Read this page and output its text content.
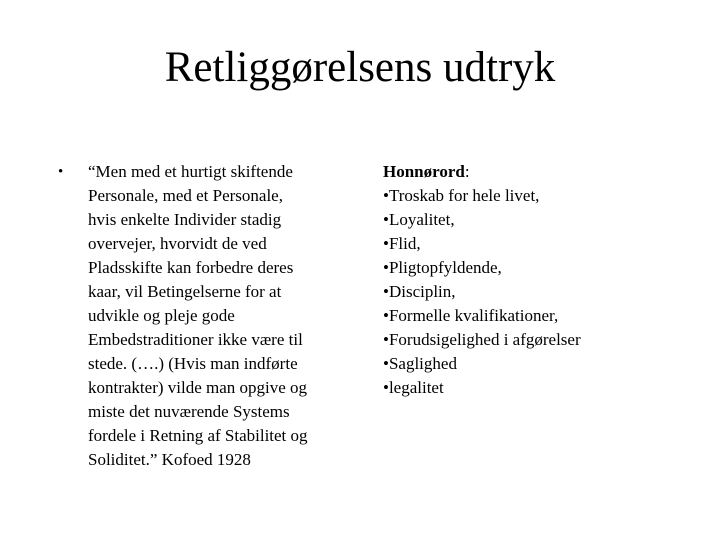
Retliggørelsens udtryk
• “Men med et hurtigt skiftende
Personale, med et Personale,
hvis enkelte Individer stadig
overvejer, hvorvidt de ved
Pladsskifte kan forbedre deres
kaar, vil Betingelserne for at
udvikle og pleje gode
Embedstraditioner ikke være til
stede. (….) (Hvis man indførte
kontrakter) vilde man opgive og
miste det nuværende Systems
fordele i Retning af Stabilitet og
Soliditet.” Kofoed 1928
Honnørord:
•Troskab for hele livet,
•Loyalitet,
•Flid,
•Pligtopfyldende,
•Disciplin,
•Formelle kvalifikationer,
•Forudsigelighed i afgørelser
•Saglighed
•legalitet
